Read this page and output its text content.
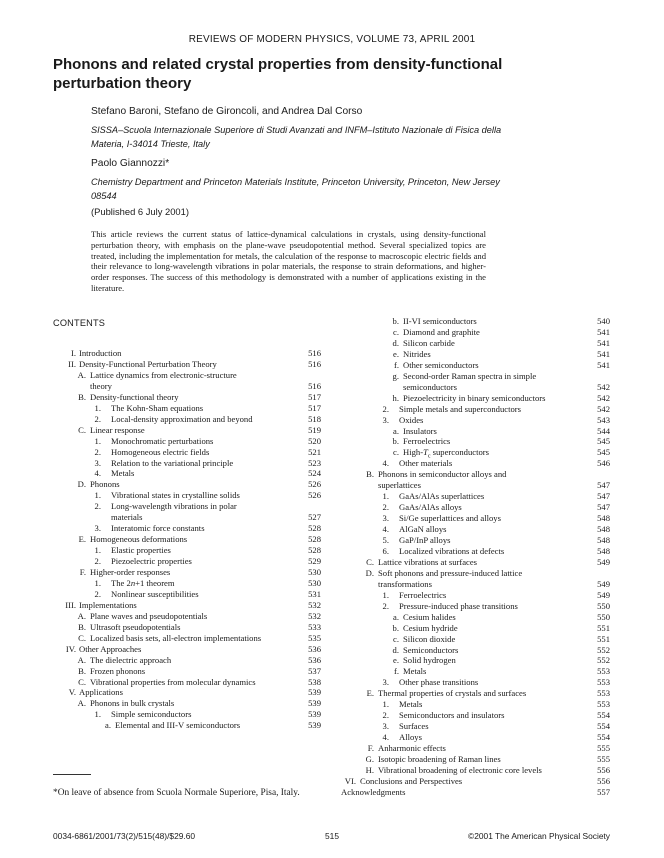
REVIEWS OF MODERN PHYSICS, VOLUME 73, APRIL 2001
Phonons and related crystal properties from density-functional perturbation theory
Stefano Baroni, Stefano de Gironcoli, and Andrea Dal Corso
SISSA–Scuola Internazionale Superiore di Studi Avanzati and INFM–Istituto Nazionale di Fisica della Materia, I-34014 Trieste, Italy
Paolo Giannozzi*
Chemistry Department and Princeton Materials Institute, Princeton University, Princeton, New Jersey 08544
(Published 6 July 2001)
This article reviews the current status of lattice-dynamical calculations in crystals, using density-functional perturbation theory, with emphasis on the plane-wave pseudopotential method. Several specialized topics are treated, including the implementation for metals, the calculation of the response to macroscopic electric fields and their relevance to long-wavelength vibrations in polar materials, the response to strain deformations, and higher-order responses. The success of this methodology is demonstrated with a number of applications existing in the literature.
CONTENTS
I. Introduction	516
II. Density-Functional Perturbation Theory	516
A. Lattice dynamics from electronic-structure
theory	516
B. Density-functional theory	517
1. The Kohn-Sham equations	517
2. Local-density approximation and beyond	518
C. Linear response	519
1. Monochromatic perturbations	520
2. Homogeneous electric fields	521
3. Relation to the variational principle	523
4. Metals	524
D. Phonons	526
1. Vibrational states in crystalline solids	526
2. Long-wavelength vibrations in polar
materials	527
3. Interatomic force constants	528
E. Homogeneous deformations	528
1. Elastic properties	528
2. Piezoelectric properties	529
F. Higher-order responses	530
1. The 2n+1 theorem	530
2. Nonlinear susceptibilities	531
III. Implementations	532
A. Plane waves and pseudopotentials	532
B. Ultrasoft pseudopotentials	533
C. Localized basis sets, all-electron implementations	535
IV. Other Approaches	536
A. The dielectric approach	536
B. Frozen phonons	537
C. Vibrational properties from molecular dynamics	538
V. Applications	539
A. Phonons in bulk crystals	539
1. Simple semiconductors	539
a. Elemental and III-V semiconductors	539
b. II-VI semiconductors	540
c. Diamond and graphite	541
d. Silicon carbide	541
e. Nitrides	541
f. Other semiconductors	541
g. Second-order Raman spectra in simple
semiconductors	542
h. Piezoelectricity in binary semiconductors	542
2. Simple metals and superconductors	542
3. Oxides	543
a. Insulators	544
b. Ferroelectrics	545
c. High-$T_c$ superconductors	545
4. Other materials	546
B. Phonons in semiconductor alloys and
superlattices	547
1. GaAs/AlAs superlattices	547
2. GaAs/AlAs alloys	547
3. Si/Ge superlattices and alloys	548
4. AlGaN alloys	548
5. GaP/InP alloys	548
6. Localized vibrations at defects	548
C. Lattice vibrations at surfaces	549
D. Soft phonons and pressure-induced lattice
transformations	549
1. Ferroelectrics	549
2. Pressure-induced phase transitions	550
a. Cesium halides	550
b. Cesium hydride	551
c. Silicon dioxide	551
d. Semiconductors	552
e. Solid hydrogen	552
f. Metals	553
3. Other phase transitions	553
E. Thermal properties of crystals and surfaces	553
1. Metals	553
2. Semiconductors and insulators	554
3. Surfaces	554
4. Alloys	554
F. Anharmonic effects	555
G. Isotopic broadening of Raman lines	555
H. Vibrational broadening of electronic core levels	556
VI. Conclusions and Perspectives	556
Acknowledgments	557
*On leave of absence from Scuola Normale Superiore, Pisa, Italy.
0034-6861/2001/73(2)/515(48)/$29.60	515	©2001 The American Physical Society
